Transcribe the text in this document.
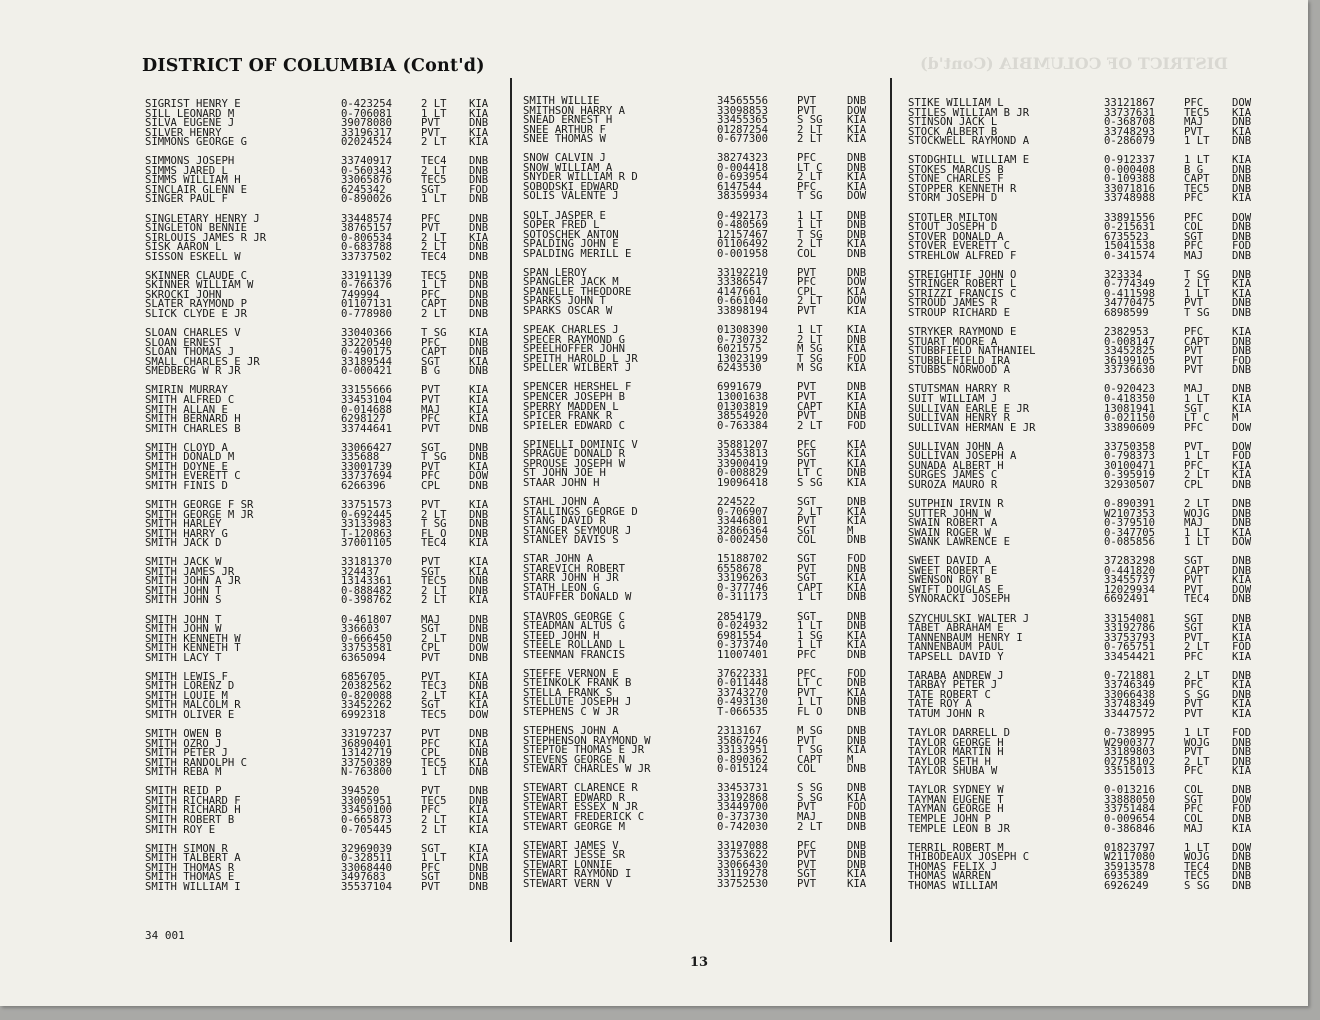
DISTRICT OF COLUMBIA (Cont'd)
DISTRICT OF COLUMBIA (Cont'd)
SIGRIST HENRY E	0-423254	2 LT KIA
SILL LEONARD M	0-706081	1 LT KIA
SILVA EUGENE J	39078080	PVT	DNB
SILVER HENRY	33196317	PVT	KIA
SIMMONS GEORGE G	02024524	2 LT KIA
SIMMONS JOSEPH	33740917	TEC4 DNB
SIMMS JARED L	0-560343	2 LT DNB
SIMMS WILLIAM H	33065876	TEC5 DNB
SINCLAIR GLENN E	6245342	SGT	FOD
SINGER PAUL F	0-890026	1 LT DNB
SINGLETARY HENRY J	33448574	PFC	DNB
SINGLETON BENNIE	38765157	PVT	DNB
SIRLOUIS JAMES R JR	0-806534	2 LT KIA
SISK AARON L	0-683788	2 LT DNB
SISSON ESKELL W	33737502	TEC4 DNB
SKINNER CLAUDE C	33191139	TEC5 DNB
SKINNER WILLIAM W	0-766376	1 LT DNB
SKROCKI JOHN	749994	PFC	DNB
SLATER RAYMOND P	01107131	CAPT DNB
SLICK CLYDE E JR	0-778980	2 LT DNB
SLOAN CHARLES V	33040366	T SG KIA
SLOAN ERNEST	33220540	PFC	DNB
SLOAN THOMAS J	0-490175	CAPT DNB
SMALL CHARLES E JR	33189544	SGT	KIA
SMEDBERG W R JR	0-000421	B G	DNB
SMIRIN MURRAY	33155666	PVT	KIA
SMITH ALFRED C	33453104	PVT	KIA
SMITH ALLAN E	0-014688	MAJ	KIA
SMITH BERNARD H	6298127	PFC	KIA
SMITH CHARLES B	33744641	PVT	DNB
SMITH CLOYD A	33066427	SGT	DNB
SMITH DONALD M	335688	T SG DNB
SMITH DOYNE E	33001739	PVT	KIA
SMITH EVERETT C	33737694	PFC	DOW
SMITH FINIS D	6266396	CPL	DNB
SMITH GEORGE F SR	33751573	PVT	KIA
SMITH GEORGE M JR	0-692445	2 LT DNB
SMITH HARLEY	33133983	T SG DNB
SMITH HARRY G	T-120863	FL O DNB
SMITH JACK D	37001105	TEC4 KIA
SMITH JACK W	33181370	PVT	KIA
SMITH JAMES JR	324437	SGT	KIA
SMITH JOHN A JR	13143361	TEC5 DNB
SMITH JOHN T	0-888482	2 LT DNB
SMITH JOHN S	0-398762	2 LT KIA
SMITH JOHN T	0-461807	MAJ	DNB
SMITH JOHN W	336603	SGT	DNB
SMITH KENNETH W	0-666450	2 LT DNB
SMITH KENNETH T	33753581	CPL	DOW
SMITH LACY T	6365094	PVT	DNB
SMITH LEWIS F	6856705	PVT	KIA
SMITH LORENZ D	20382562	TEC3 DNB
SMITH LOUIE M	0-820088	2 LT KIA
SMITH MALCOLM R	33452262	SGT	KIA
SMITH OLIVER E	6992318	TEC5 DOW
SMITH OWEN B	33197237	PVT	DNB
SMITH OZRO J	36890401	PFC	KIA
SMITH PETER J	13142719	CPL	DNB
SMITH RANDOLPH C	33750389	TEC5 KIA
SMITH REBA M	N-763800	1 LT DNB
SMITH REID P	394520	PVT	DNB
SMITH RICHARD F	33005951	TEC5 DNB
SMITH RICHARD H	33450100	PFC	KIA
SMITH ROBERT B	0-665873	2 LT KIA
SMITH ROY E	0-705445	2 LT KIA
SMITH SIMON R	32969039	SGT	KIA
SMITH TALBERT A	0-328511	1 LT KIA
SMITH THOMAS R	33068440	PFC	DNB
SMITH THOMAS E	3497683	SGT	DNB
SMITH WILLIAM I	35537104	PVT	DNB
SMITH WILLIE	34565556	PVT	DNB
SMITHSON HARRY A	33098853	PVT	DOW
SNEAD ERNEST H	33455365	S SG KIA
SNEE ARTHUR F	01287254	2 LT KIA
SNEE THOMAS W	0-677300	2 LT KIA
SNOW CALVIN J	38274323	PFC	DNB
SNOW WILLIAM A	0-004418	LT C DNB
SNYDER WILLIAM R D	0-693954	2 LT KIA
SOBODSKI EDWARD	6147544	PFC	KIA
SOLIS VALENTE J	38359934	T SG DOW
SOLT JASPER E	0-492173	1 LT DNB
SOPER FRED L	0-480569	1 LT DNB
SOTOSCHEK ANTON	12157467	T SG DNB
SPALDING JOHN E	01106492	2 LT KIA
SPALDING MERILL E	0-001958	COL	DNB
SPAN LEROY	33192210	PVT	DNB
SPANGLER JACK M	33386547	PFC	DOW
SPANELLE THEODORE	4147661	CPL	KIA
SPARKS JOHN T	0-661040	2 LT DOW
SPARKS OSCAR W	33898194	PVT	KIA
SPEAK CHARLES J	01308390	1 LT KIA
SPECER RAYMOND G	0-730732	2 LT DNB
SPEELHOFFER JOHN	6021575	M SG KIA
SPEITH HAROLD L JR	13023199	T SG FOD
SPELLER WILBERT J	6243530	M SG KIA
SPENCER HERSHEL F	6991679	PVT	DNB
SPENCER JOSEPH B	13001638	PVT	KIA
SPERRY MADDEN L	01303819	CAPT KIA
SPICER FRANK R	38554920	PVT	DNB
SPIELER EDWARD C	0-763384	2 LT FOD
SPINELLI DOMINIC V	35881207	PFC	KIA
SPRAGUE DONALD R	33453813	SGT	KIA
SPROUSE JOSEPH W	33900419	PVT	KIA
ST JOHN JOE H	0-008829	LT C DNB
STAAR JOHN H	19096418	S SG KIA
STAHL JOHN A	224522	SGT	DNB
STALLINGS GEORGE D	0-706907	2 LT KIA
STANG DAVID R	33446801	PVT	KIA
STANGER SEYMOUR J	32866364	SGT	M
STANLEY DAVIS S	0-002450	COL	DNB
STAR JOHN A	15188702	SGT	FOD
STAREVICH ROBERT	6558678	PVT	DNB
STARR JOHN H JR	33196263	SGT	KIA
STATH LEON G	0-377746	CAPT KIA
STAUFFER DONALD W	0-311173	1 LT DNB
STAVROS GEORGE C	2854179	SGT	DNB
STEADMAN ALTUS G	0-024932	1 LT DNB
STEED JOHN H	6981554	1 SG KIA
STEELE ROLLAND L	0-373740	1 LT KIA
STEENMAN FRANCIS	11007401	PFC	DNB
STEFFE VERNON E	37622331	PFC	FOD
STEINKOLK FRANK B	0-011448	LT C DNB
STELLA FRANK S	33743270	PVT	KIA
STELLUTE JOSEPH J	0-493130	1 LT DNB
STEPHENS C W JR	T-066535	FL O DNB
STEPHENS JOHN A	2313167	M SG DNB
STEPHENSON RAYMOND W	35867246	PVT	DNB
STEPTOE THOMAS E JR	33133951	T SG KIA
STEVENS GEORGE N	0-890362	CAPT M
STEWART CHARLES W JR	0-015124	COL	DNB
STEWART CLARENCE R	33453731	S SG DNB
STEWART EDWARD R	33192868	S SG KIA
STEWART ESSEX N JR	33449700	PVT	FOD
STEWART FREDERICK C	0-373730	MAJ	DNB
STEWART GEORGE M	0-742030	2 LT DNB
STEWART JAMES V	33197088	PFC	DNB
STEWART JESSE SR	33753622	PVT	DNB
STEWART LONNIE	33066430	PVT	DNB
STEWART RAYMOND I	33119278	SGT	KIA
STEWART VERN V	33752530	PVT	KIA
STIKE WILLIAM L	33121867	PFC	DOW
STILES WILLIAM B JR	33737631	TEC5 KIA
STINSON JACK L	0-368708	MAJ	DNB
STOCK ALBERT B	33748293	PVT	KIA
STOCKWELL RAYMOND A	0-286079	1 LT DNB
STODGHILL WILLIAM E	0-912337	1 LT KIA
STOKES MARCUS B	0-000408	B G	DNB
STONE CHARLES F	0-109388	CAPT DNB
STOPPER KENNETH R	33071816	TEC5 DNB
STORM JOSEPH D	33748988	PFC	KIA
STOTLER MILTON	33891556	PFC	DOW
STOUT JOSEPH D	0-215631	COL	DNB
STOVER DONALD A	6735523	SGT	DNB
STOVER EVERETT C	15041538	PFC	FOD
STREHLOW ALFRED F	0-341574	MAJ	DNB
STREIGHTIF JOHN O	323334	T SG DNB
STRINGER ROBERT L	0-774349	2 LT KIA
STRIZZI FRANCIS C	0-411598	1 LT KIA
STROUD JAMES R	34770475	PVT	DNB
STROUP RICHARD E	6898599	T SG DNB
STRYKER RAYMOND E	2382953	PFC	KIA
STUART MOORE A	0-008147	CAPT DNB
STUBBFIELD NATHANIEL	33452825	PVT	DNB
STUBBLEFIELD IRA	36199105	PVT	FOD
STUBBS NORWOOD A	33736630	PVT	DNB
STUTSMAN HARRY R	0-920423	MAJ	DNB
SUIT WILLIAM J	0-418350	1 LT KIA
SULLIVAN EARLE E JR	13081941	SGT	KIA
SULLIVAN HENRY R	0-021150	LT C M
SULLIVAN HERMAN E JR	33890609	PFC	DOW
SULLIVAN JOHN A	33750358	PVT	DOW
SULLIVAN JOSEPH A	0-798373	1 LT FOD
SUNADA ALBERT H	30100471	PFC	KIA
SURGES JAMES C	0-395919	2 LT KIA
SUROZA MAURO R	32930507	CPL	DNB
SUTPHIN IRVIN R	0-890391	2 LT DNB
SUTTER JOHN W	W2107353	WOJG DNB
SWAIN ROBERT A	0-379510	MAJ	DNB
SWAIN ROGER W	0-347705	1 LT KIA
SWANK LAWRENCE E	0-085856	1 LT DOW
SWEET DAVID A	37283298	SGT	DNB
SWEET ROBERT E	0-441820	CAPT DNB
SWENSON ROY B	33455737	PVT	KIA
SWIFT DOUGLAS E	12029934	PVT	DOW
SYNORACKI JOSEPH	6692491	TEC4 DNB
SZYCHULSKI WALTER J	33154081	SGT	DNB
TABET ABRAHAM E	33192786	SGT	KIA
TANNENBAUM HENRY I	33753793	PVT	KIA
TANNENBAUM PAUL	0-765751	2 LT FOD
TAPSELL DAVID Y	33454421	PFC	KIA
TARABA ANDREW J	0-721881	2 LT DNB
TARBAY PETER J	33746349	PFC	KIA
TATE ROBERT C	33066438	S SG DNB
TATE ROY A	33748349	PVT	KIA
TATUM JOHN R	33447572	PVT	KIA
TAYLOR DARRELL D	0-738995	1 LT FOD
TAYLOR GEORGE H	W2900377	WOJG DNB
TAYLOR MARTIN H	33189803	PVT	DNB
TAYLOR SETH H	02758102	2 LT DNB
TAYLOR SHUBA W	33515013	PFC	KIA
TAYLOR SYDNEY W	0-013216	COL	DNB
TAYMAN EUGENE T	33888050	SGT	DOW
TAYMAN GEORGE H	33751484	PFC	FOD
TEMPLE JOHN P	0-009654	COL	DNB
TEMPLE LEON B JR	0-386846	MAJ	KIA
TERRIL ROBERT M	01823797	1 LT DOW
THIBODEAUX JOSEPH C	W2117080	WOJG DNB
THOMAS FELIX J	35913578	TEC4 DNB
THOMAS WARREN	6935389	TEC5 DNB
THOMAS WILLIAM	6926249	S SG DNB
34 001
13
